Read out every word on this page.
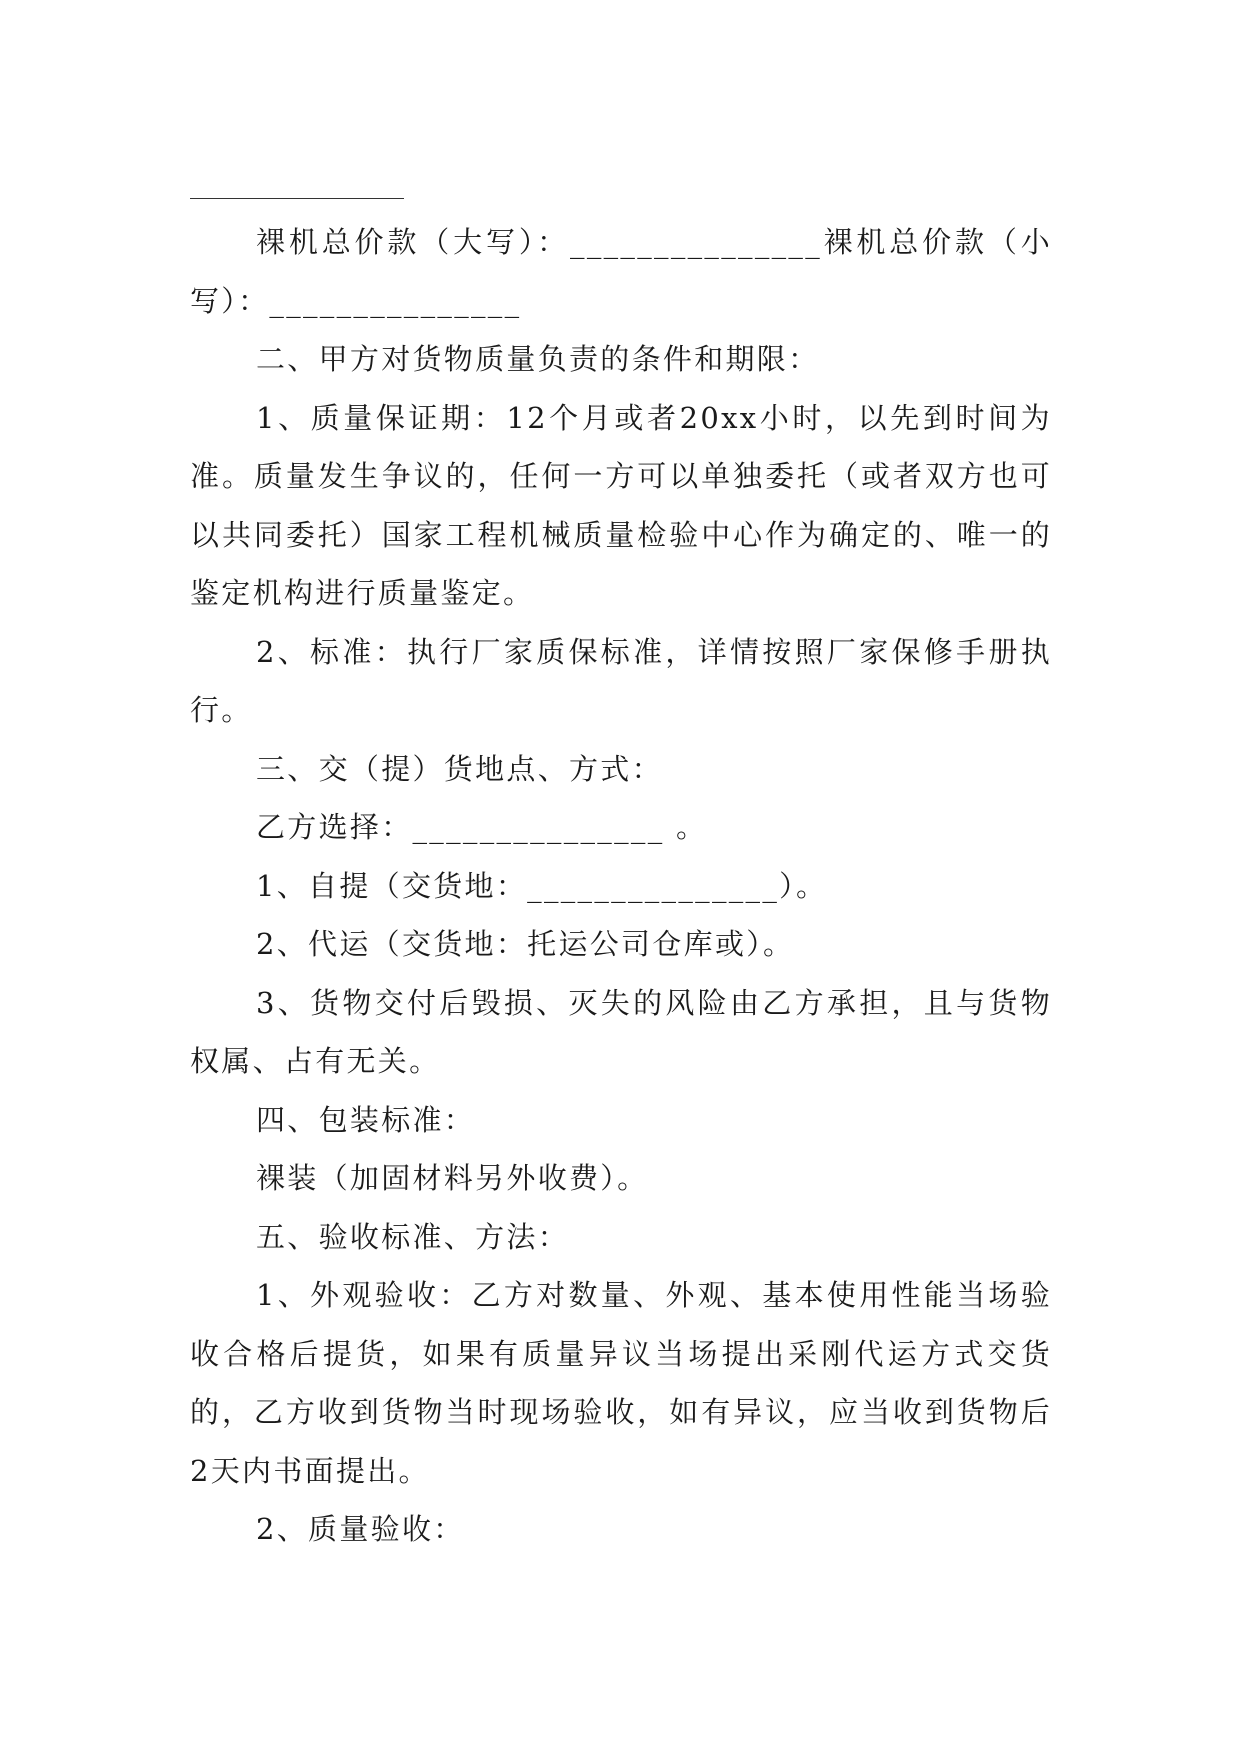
裸机总价款（大写）：_______________裸机总价款（小写）：_______________

二、甲方对货物质量负责的条件和期限：

1、质量保证期：12个月或者20xx小时，以先到时间为准。质量发生争议的，任何一方可以单独委托（或者双方也可以共同委托）国家工程机械质量检验中心作为确定的、唯一的鉴定机构进行质量鉴定。

2、标准：执行厂家质保标准，详情按照厂家保修手册执行。

三、交（提）货地点、方式：

乙方选择：_______________ 。

1、自提（交货地：_______________）。

2、代运（交货地：托运公司仓库或）。

3、货物交付后毁损、灭失的风险由乙方承担，且与货物权属、占有无关。

四、包装标准：

裸装（加固材料另外收费）。

五、验收标准、方法：

1、外观验收：乙方对数量、外观、基本使用性能当场验收合格后提货，如果有质量异议当场提出采刚代运方式交货的，乙方收到货物当时现场验收，如有异议，应当收到货物后2天内书面提出。

2、质量验收：
